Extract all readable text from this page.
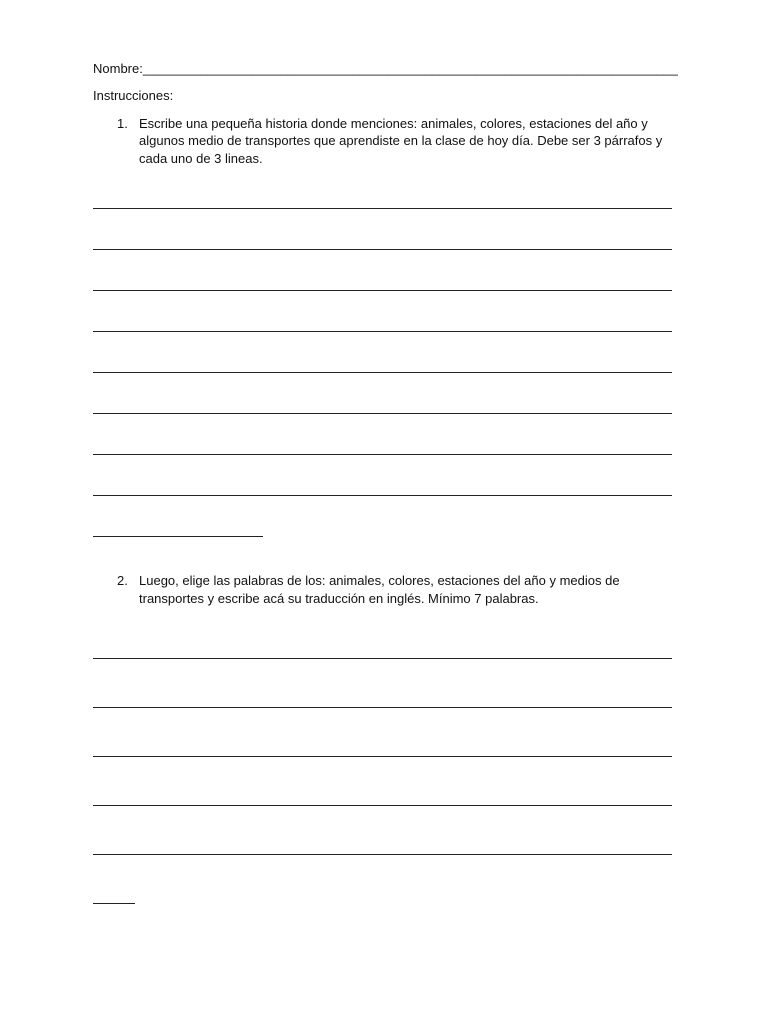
Nombre:__________________________________________________________________________
Instrucciones:
1. Escribe una pequeña historia donde menciones: animales, colores, estaciones del año y
algunos medio de transportes que aprendiste en la clase de hoy día. Debe ser 3 párrafos y
cada uno de 3 lineas.
2. Luego, elige las palabras de los: animales, colores, estaciones del año y medios de
transportes y escribe acá su traducción en inglés. Mínimo 7 palabras.
